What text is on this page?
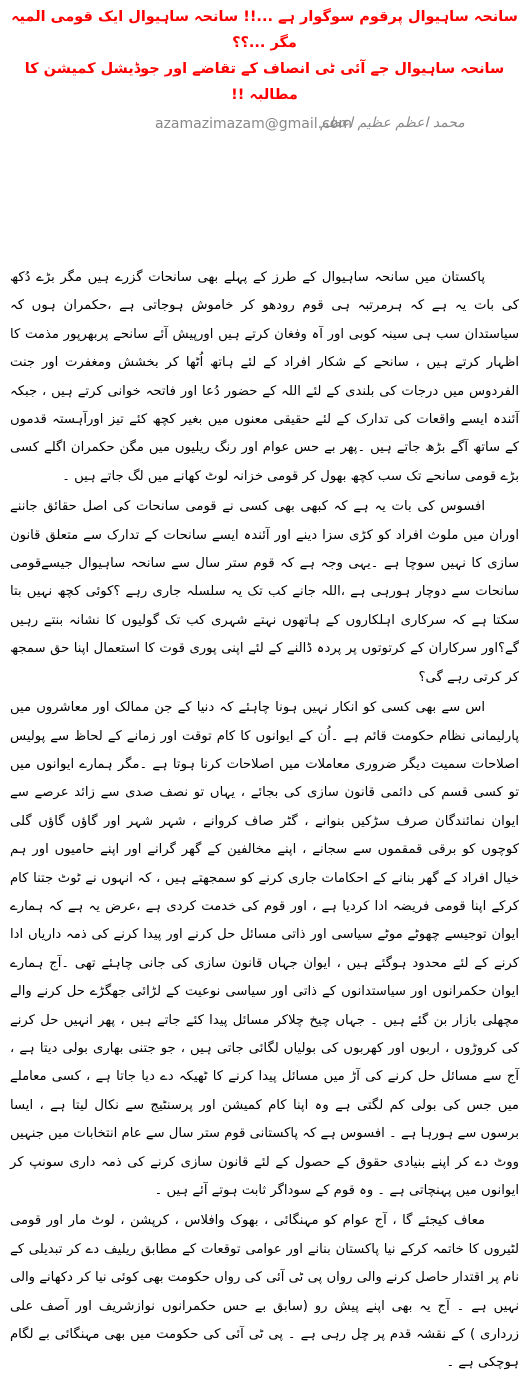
سانحہ ساہیوال پرقوم سوگوار ہے ...!! سانحہ ساہیوال ایک قومی المیہ مگر ...؟؟
سانحہ ساہیوال جے آئی ٹی انصاف کے تقاضے اور جوڈیشل کمیشن کا مطالبہ !!
azamazimazam@gmail.com
محمد اعظم عظیم اعظم

پاکستان میں سانحہ ساہیوال کے طرز کے پہلے بھی سانحات گزرے ہیں مگر بڑے دُکھ کی بات یہ ہے کہ ہرمرتبہ ہی قوم رودھو کر خاموش ہوجاتی ہے ،حکمران ہوں کہ سیاستدان سب ہی سینہ کوبی اور آہ وفغان کرتے ہیں اورپیش آئے سانحے پربھرپور مذمت کا اظہار کرتے ہیں ، سانحے کے شکار افراد کے لئے ہاتھ اُٹھا کر بخشش ومغفرت اور جنت الفردوس میں درجات کی بلندی کے لئے اللہ کے حضور دُعا اور فاتحہ خوانی کرتے ہیں ، جبکہ آئندہ ایسے واقعات کی تدارک کے لئے حقیقی معنوں میں بغیر کچھ کئے تیز اورآہستہ قدموں کے ساتھ آگے بڑھ جاتے ہیں ۔پھر بے حس عوام اور رنگ ریلیوں میں مگن حکمران اگلے کسی بڑے قومی سانحے تک سب کچھ بھول کر قومی خزانہ لوٹ کھانے میں لگ جاتے ہیں ۔

افسوس کی بات یہ ہے کہ کبھی بھی کسی نے قومی سانحات کی اصل حقائق جاننے اوران میں ملوث افراد کو کڑی سزا دینے اور آئندہ ایسے سانحات کے تدارک سے متعلق قانون سازی کا نہیں سوچا ہے ۔یہی وجہ ہے کہ قوم ستر سال سے سانحہ ساہیوال جیسےقومی سانحات سے دوچار ہورہی ہے ،اللہ جانے کب تک یہ سلسلہ جاری رہے ؟کوئی کچھ نہیں بتا سکتا ہے کہ سرکاری اہلکاروں کے ہاتھوں نہتے شہری کب تک گولیوں کا نشانہ بنتے رہیں گے؟اور سرکاران کے کرتوتوں پر پردہ ڈالنے کے لئے اپنی پوری قوت کا استعمال اپنا حق سمجھ کر کرتی رہے گی؟

اس سے بھی کسی کو انکار نہیں ہونا چاہئے کہ دنیا کے جن ممالک اور معاشروں میں پارلیمانی نظام حکومت قائم ہے ۔اُن کے ایوانوں کا کام توقت اور زمانے کے لحاظ سے پولیس اصلاحات سمیت دیگر ضروری معاملات میں اصلاحات کرنا ہوتا ہے ۔مگر ہمارے ایوانوں میں تو کسی قسم کی دائمی قانون سازی کی بجائے ، یہاں تو نصف صدی سے زائد عرصے سے ایوان نمائندگان صرف سڑکیں بنوانے ، گٹر صاف کروانے ، شہر شہر اور گاؤں گاؤں گلی کوچوں کو برقی قمقموں سے سجانے ، اپنے مخالفین کے گھر گرانے اور اپنے حامیوں اور ہم خیال افراد کے گھر بنانے کے احکامات جاری کرنے کو سمجھتے ہیں ، کہ انہوں نے ٹوٹ جتنا کام کرکے اپنا قومی فریضہ ادا کردیا ہے ، اور قوم کی خدمت کردی ہے ،عرض یہ ہے کہ ہمارے ایوان توجیسے چھوٹے موٹے سیاسی اور ذاتی مسائل حل کرنے اور پیدا کرنے کی ذمہ داریاں ادا کرنے کے لئے محدود ہوگئے ہیں ، ایوان جہاں قانون سازی کی جانی چاہئے تھی ۔آج ہمارے ایوان حکمرانوں اور سیاستدانوں کے ذاتی اور سیاسی نوعیت کے لڑائی جھگڑے حل کرنے والے مچھلی بازار بن گئے ہیں ۔ جہاں چیخ چلاکر مسائل پیدا کئے جاتے ہیں ، پھر انہیں حل کرنے کی کروڑوں ، اربوں اور کھربوں کی بولیاں لگائی جاتی ہیں ، جو جتنی بھاری بولی دیتا ہے ، آج سے مسائل حل کرنے کی آڑ میں مسائل پیدا کرنے کا ٹھیکہ دے دیا جاتا ہے ، کسی معاملے میں جس کی بولی کم لگتی ہے وہ اپنا کام کمیشن اور پرسنٹیج سے نکال لیتا ہے ، ایسا برسوں سے ہورہا ہے ۔ افسوس ہے کہ پاکستانی قوم ستر سال سے عام انتخابات میں جنہیں ووٹ دے کر اپنے بنیادی حقوق کے حصول کے لئے قانون سازی کرنے کی ذمہ داری سونپ کر ایوانوں میں پہنچاتی ہے ۔ وہ قوم کے سوداگر ثابت ہوتے آئے ہیں ۔

معاف کیجئے گا ، آج عوام کو مہنگائی ، بھوک وافلاس ، کرپشن ، لوٹ مار اور قومی لٹیروں کا خاتمہ کرکے نیا پاکستان بنانے اور عوامی توقعات کے مطابق ریلیف دے کر تبدیلی کے نام پر اقتدار حاصل کرنے والی رواں پی ٹی آئی کی رواں حکومت بھی کوئی نیا کر دکھانے والی نہیں ہے ۔ آج یہ بھی اپنے پیش رو (سابق بے حس حکمرانوں نوازشریف اور آصف علی زرداری ) کے نقشہ قدم پر چل رہی ہے ۔ پی ٹی آئی کی حکومت میں بھی مہنگائی بے لگام ہوچکی ہے ۔
